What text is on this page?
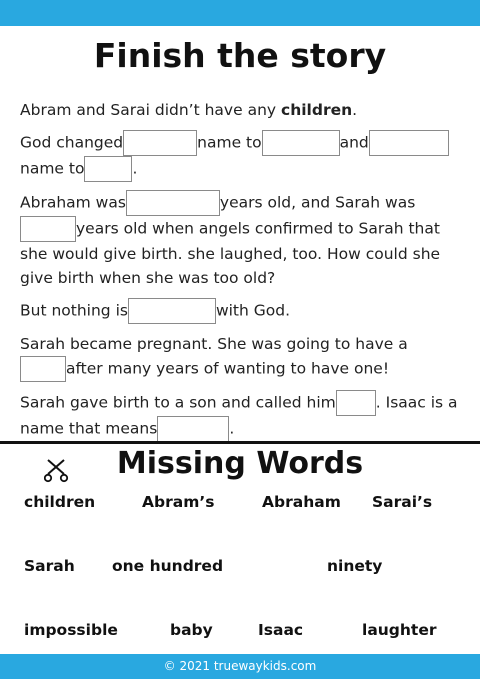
Finish the story

Abram and Sarai didn’t have any children.

God changed	name to	and
name to	.

Abraham was	years old, and Sarah was
years old when angels confirmed to Sarah that she would give birth. she laughed, too. How could she give birth when she was too old?

But nothing is	with God.

Sarah became pregnant. She was going to have a
after many years of wanting to have one!

Sarah gave birth to a son and called him	. Isaac is a name that means	.

Missing Words
children	Abram’s	Abraham Sarai’s
Sarah one hundred	ninety
impossible	baby	Isaac	laughter
© 2021 truewaykids.com
